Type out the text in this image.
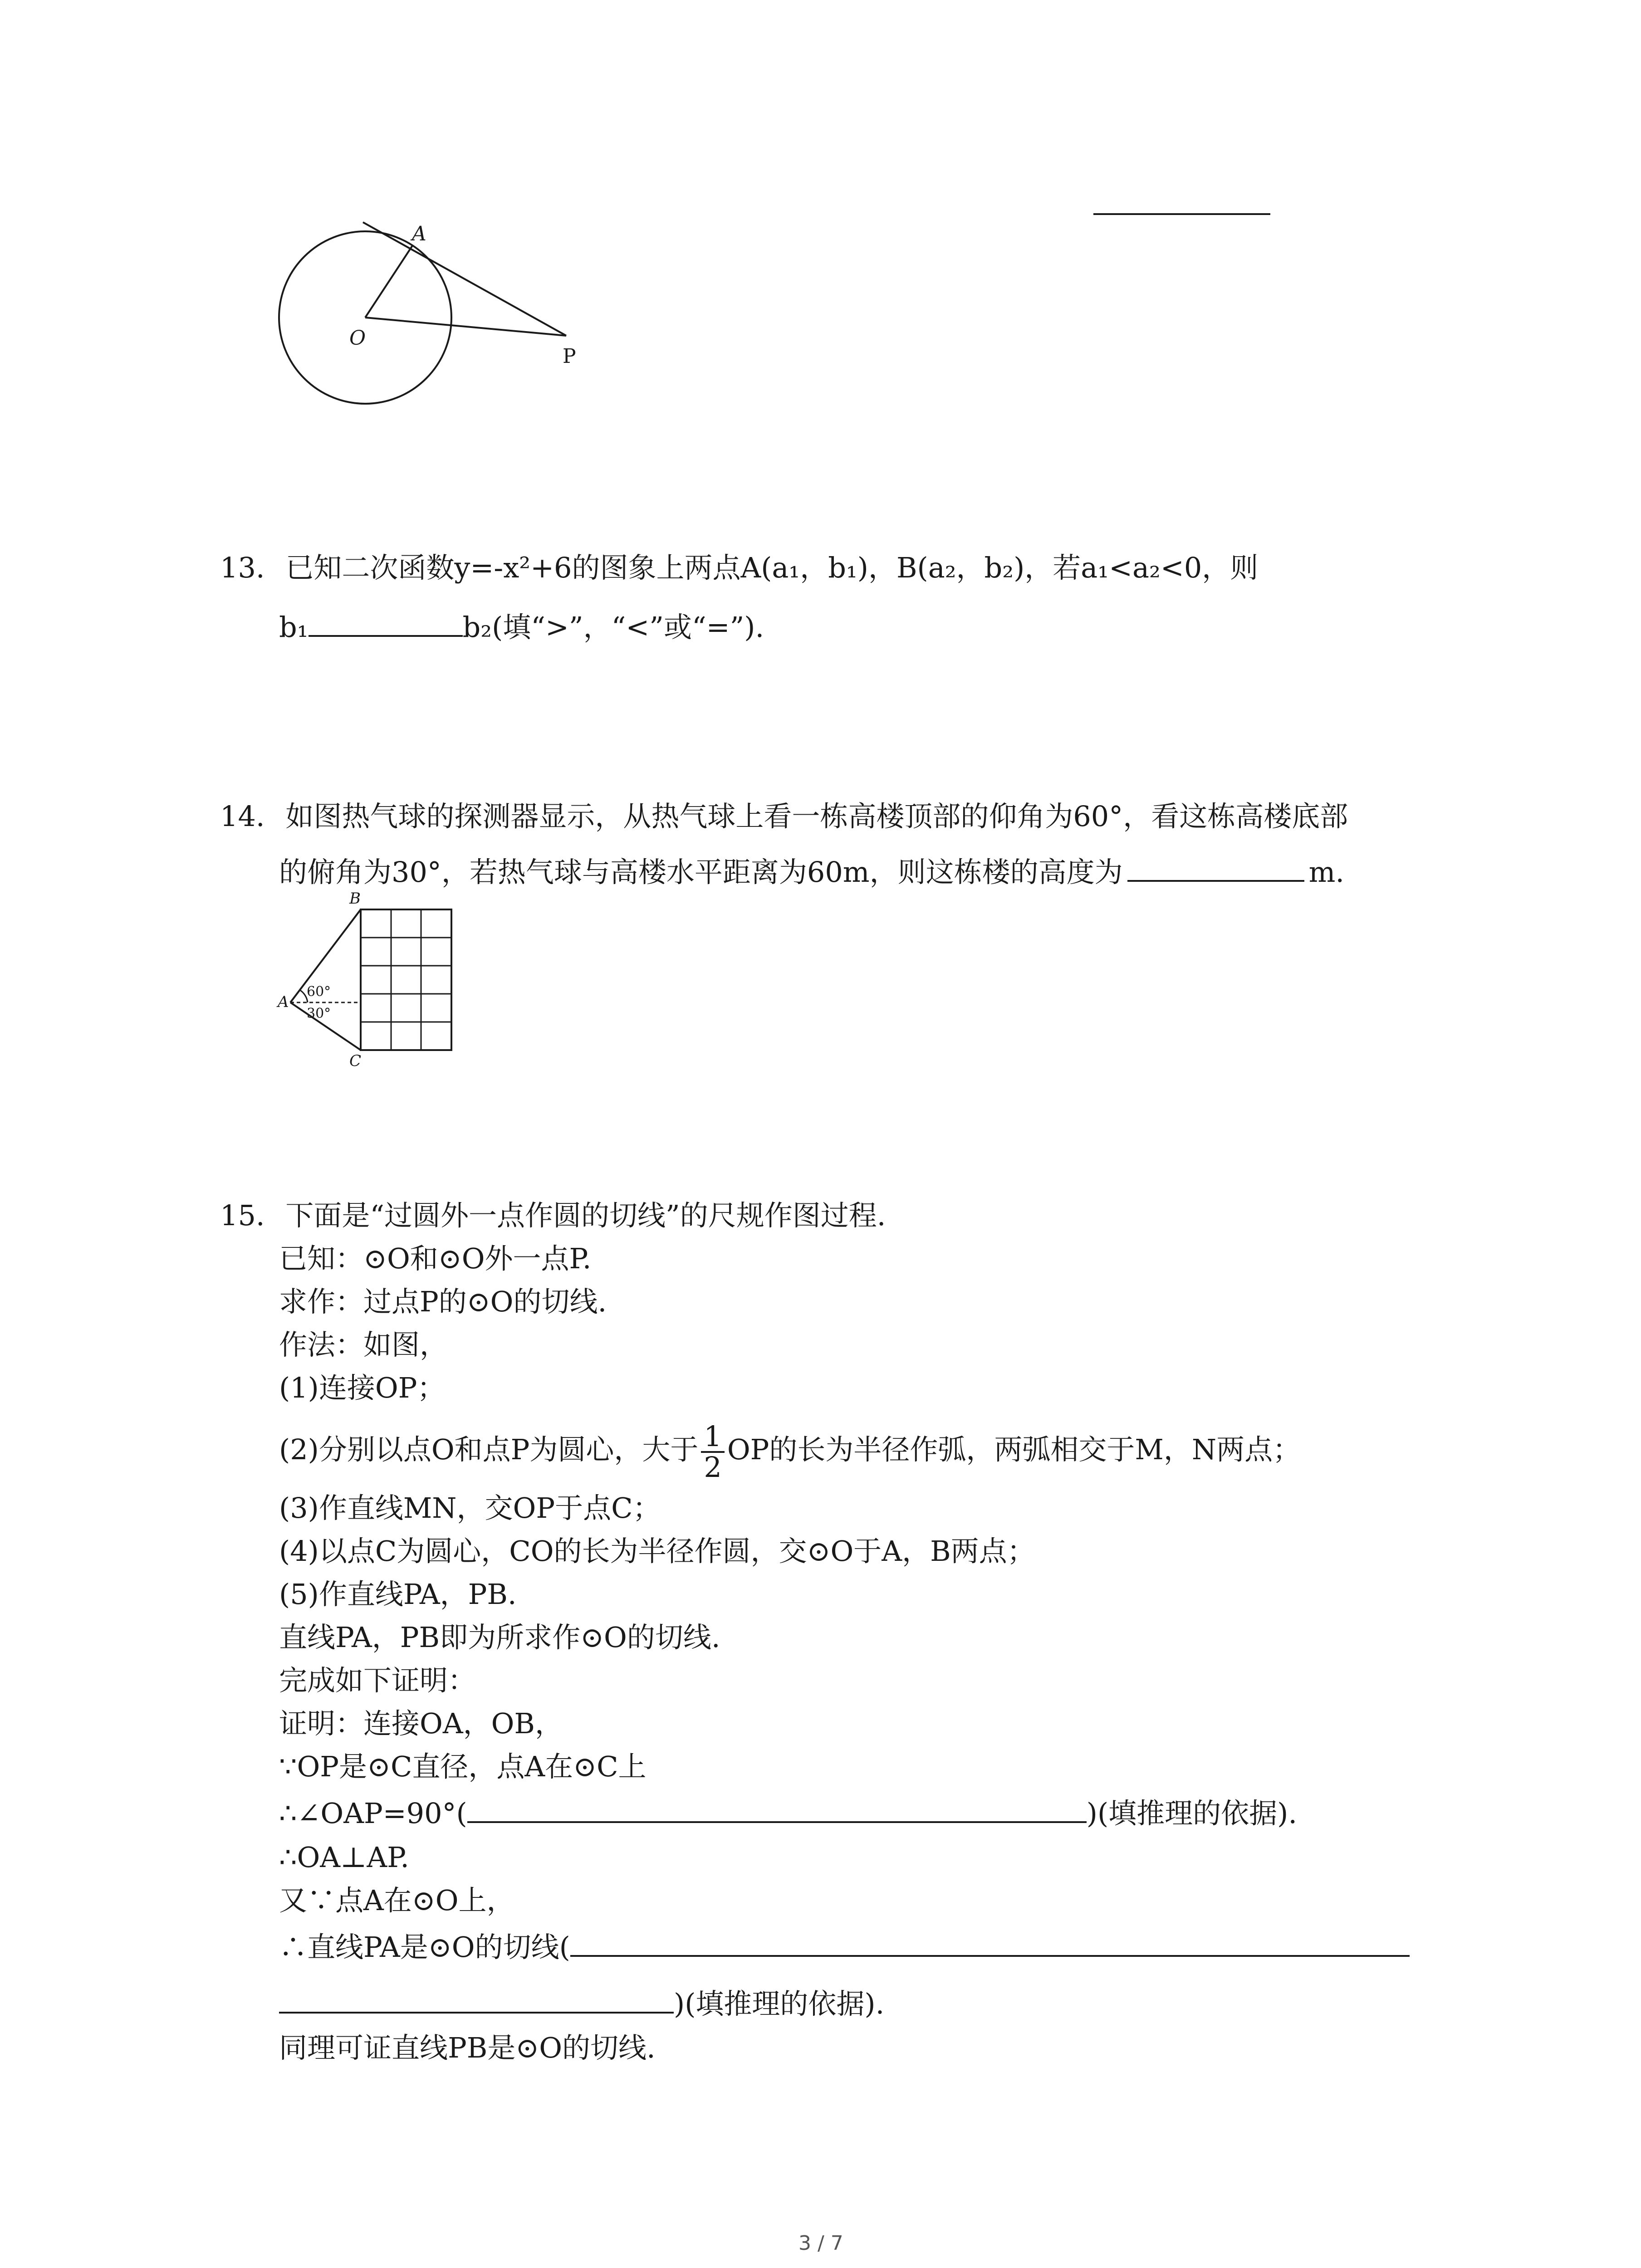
A
O
P
13. 已知二次函数y=-x²+6的图象上两点A(a₁，b₁)，B(a₂，b₂)，若a₁<a₂<0，则
b₁	b₂(填“>”，“<”或“=”).
14. 如图热气球的探测器显示，从热气球上看一栋高楼顶部的仰角为60°，看这栋高楼底部
的俯角为30°，若热气球与高楼水平距离为60m，则这栋楼的高度为	m.
B
A
C
60°
30°
15. 下面是“过圆外一点作圆的切线”的尺规作图过程.
已知：⊙O和⊙O外一点P.
求作：过点P的⊙O的切线.
作法：如图，
(1)连接OP；
(2)分别以点O和点P为圆心，大于 $\frac{1}{2}$ OP的长为半径作弧，两弧相交于M，N两点；
(3)作直线MN，交OP于点C；
(4)以点C为圆心，CO的长为半径作圆，交⊙O于A，B两点；
(5)作直线PA，PB.
直线PA，PB即为所求作⊙O的切线.
完成如下证明：
证明：连接OA，OB，
∵OP是⊙C直径，点A在⊙C上
∴∠OAP=90°(	)(填推理的依据).
∴OA⊥AP.
又∵点A在⊙O上，
∴直线PA是⊙O的切线(
)(填推理的依据).
同理可证直线PB是⊙O的切线.
3 / 7
